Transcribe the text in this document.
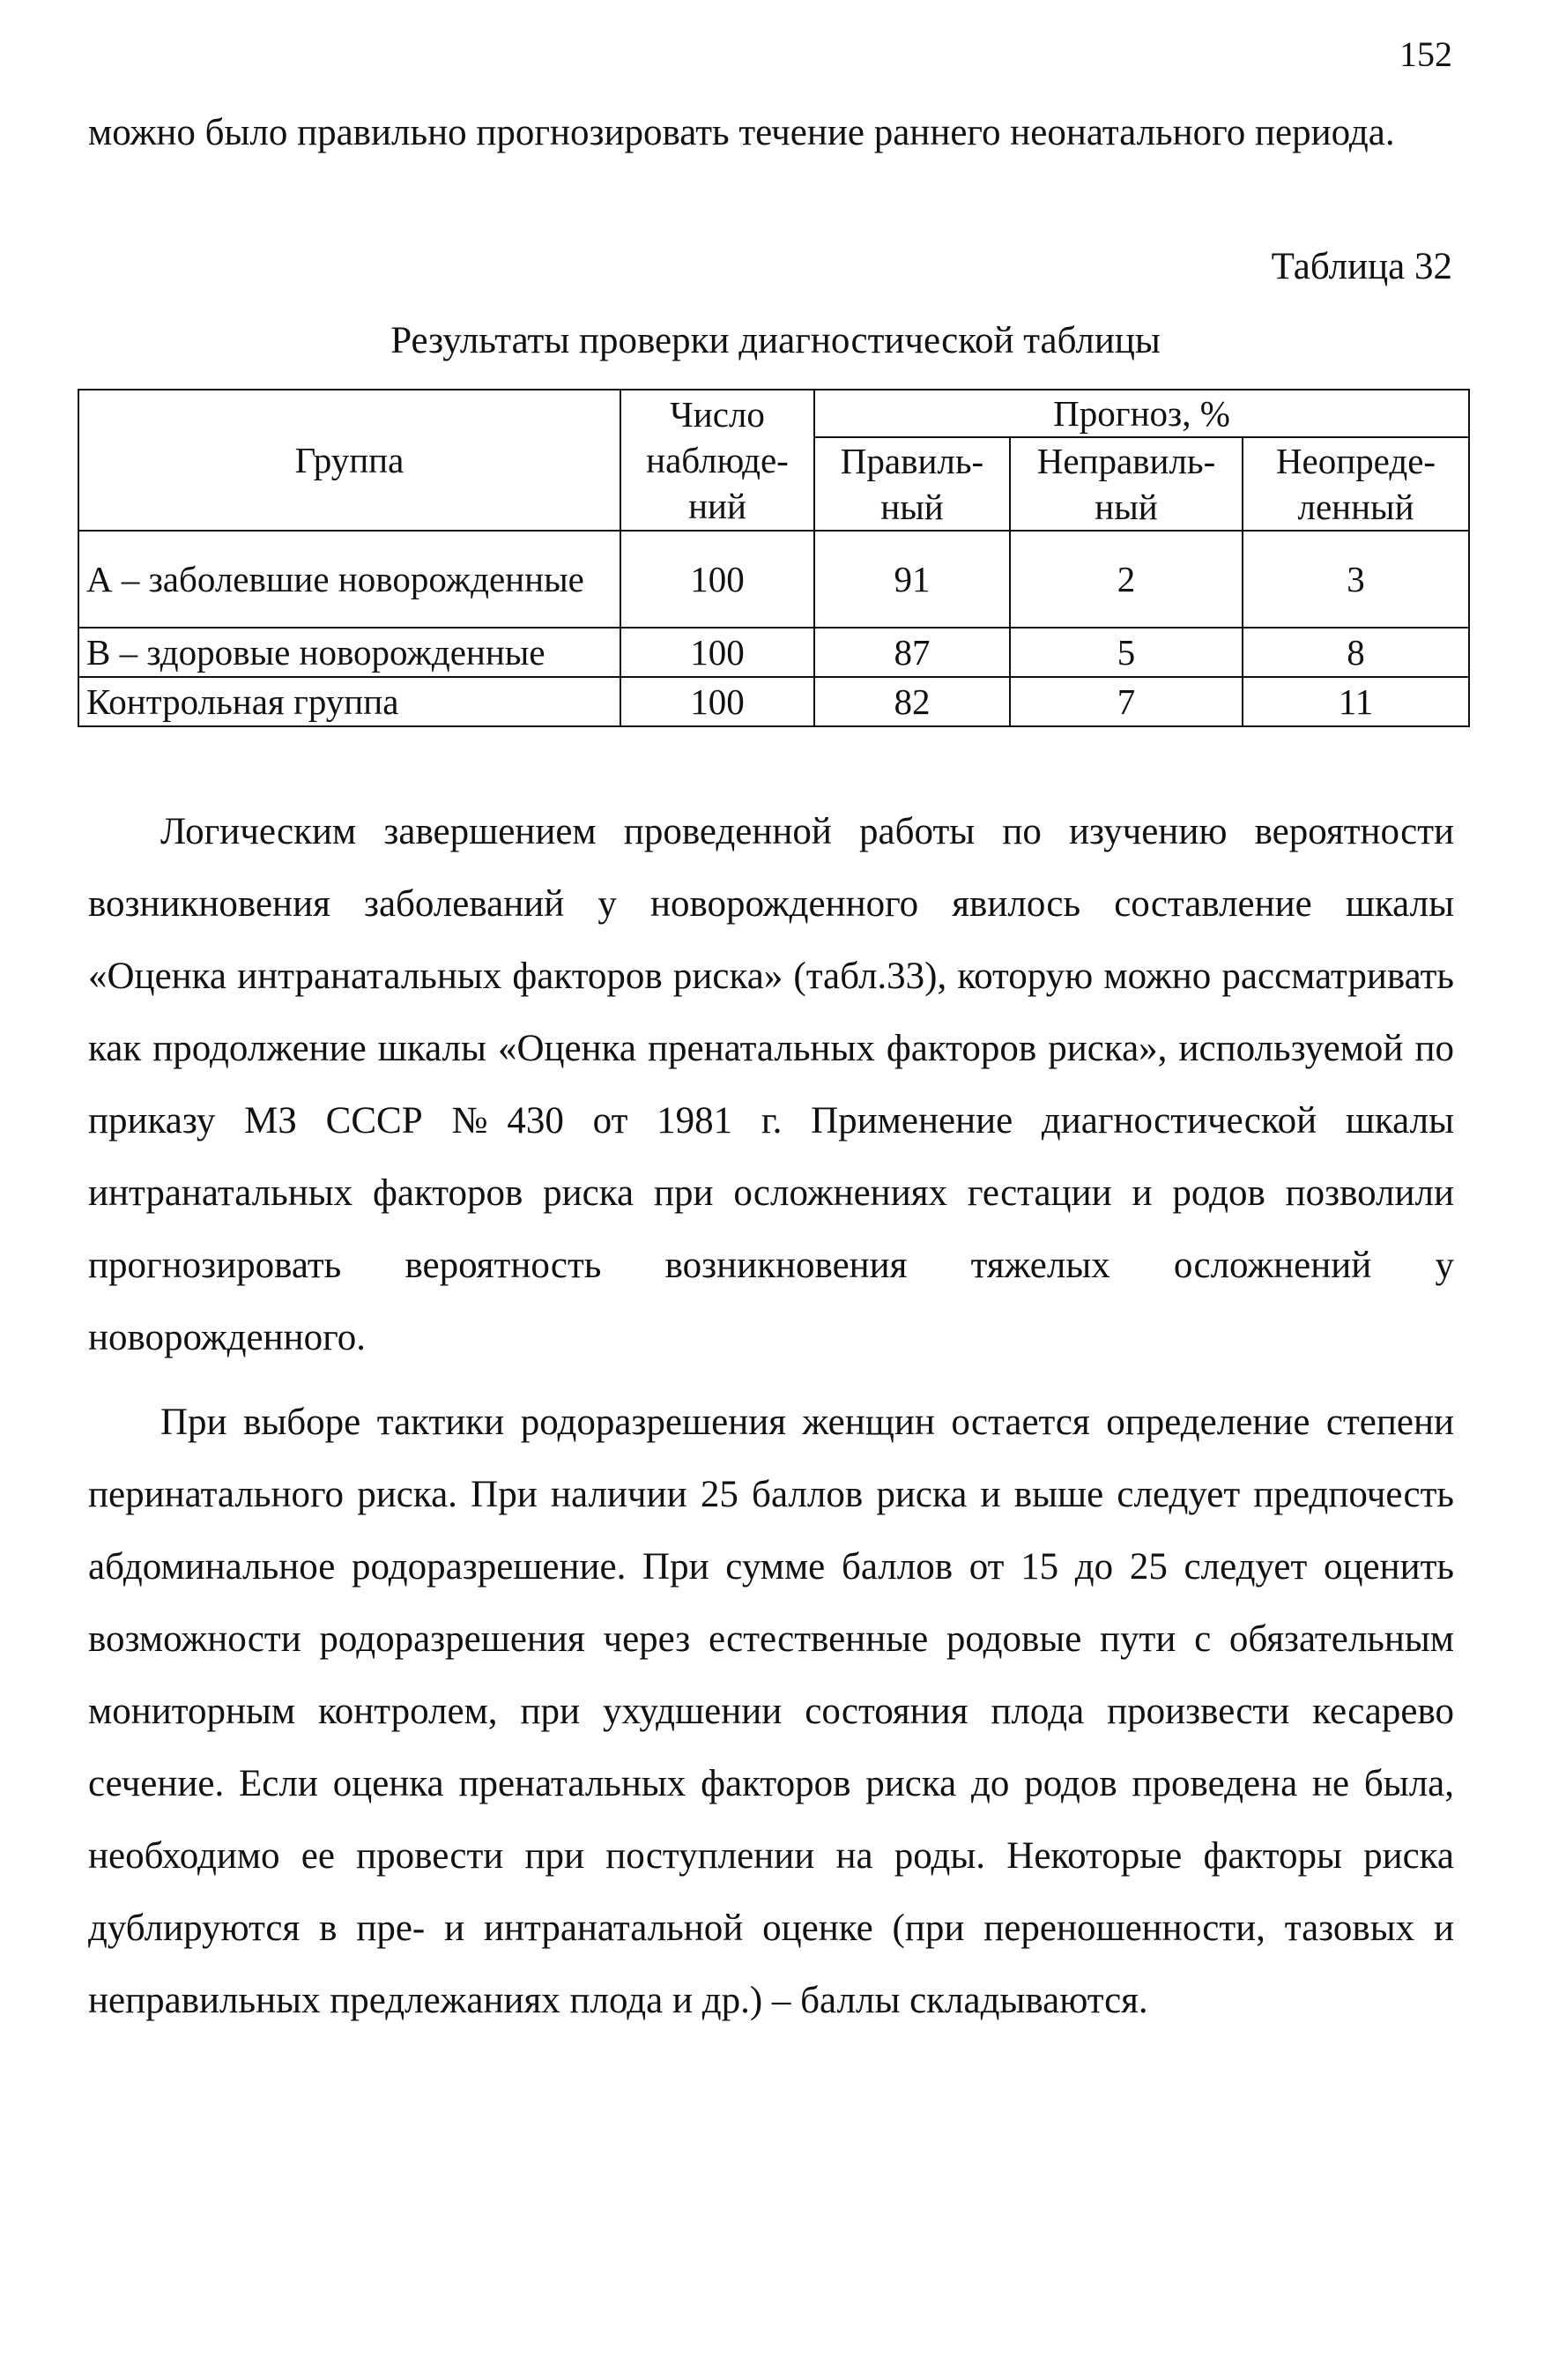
152
можно было правильно прогнозировать течение раннего неонатального периода.
Таблица 32
Результаты проверки диагностической таблицы
Группа	Число наблюде-ний	Прогноз, %		
		Правиль-ный	Неправиль-ный	Неопреде-ленный
А – заболевшие новорожденные	100	91	2	3
В – здоровые новорожденные	100	87	5	8
Контрольная группа	100	82	7	11

Логическим завершением проведенной работы по изучению вероятности возникновения заболеваний у новорожденного явилось составление шкалы «Оценка интранатальных факторов риска» (табл.33), которую можно рассматривать как продолжение шкалы «Оценка пренатальных факторов риска», используемой по приказу МЗ СССР №430 от 1981 г. Применение диагностической шкалы интранатальных факторов риска при осложнениях гестации и родов позволили прогнозировать вероятность возникновения тяжелых осложнений у новорожденного.

При выборе тактики родоразрешения женщин остается определение степени перинатального риска. При наличии 25 баллов риска и выше следует предпочесть абдоминальное родоразрешение. При сумме баллов от 15 до 25 следует оценить возможности родоразрешения через естественные родовые пути с обязательным мониторным контролем, при ухудшении состояния плода произвести кесарево сечение. Если оценка пренатальных факторов риска до родов проведена не была, необходимо ее провести при поступлении на роды. Некоторые факторы риска дублируются в пре- и интранатальной оценке (при переношенности, тазовых и неправильных предлежаниях плода и др.) – баллы складываются.
